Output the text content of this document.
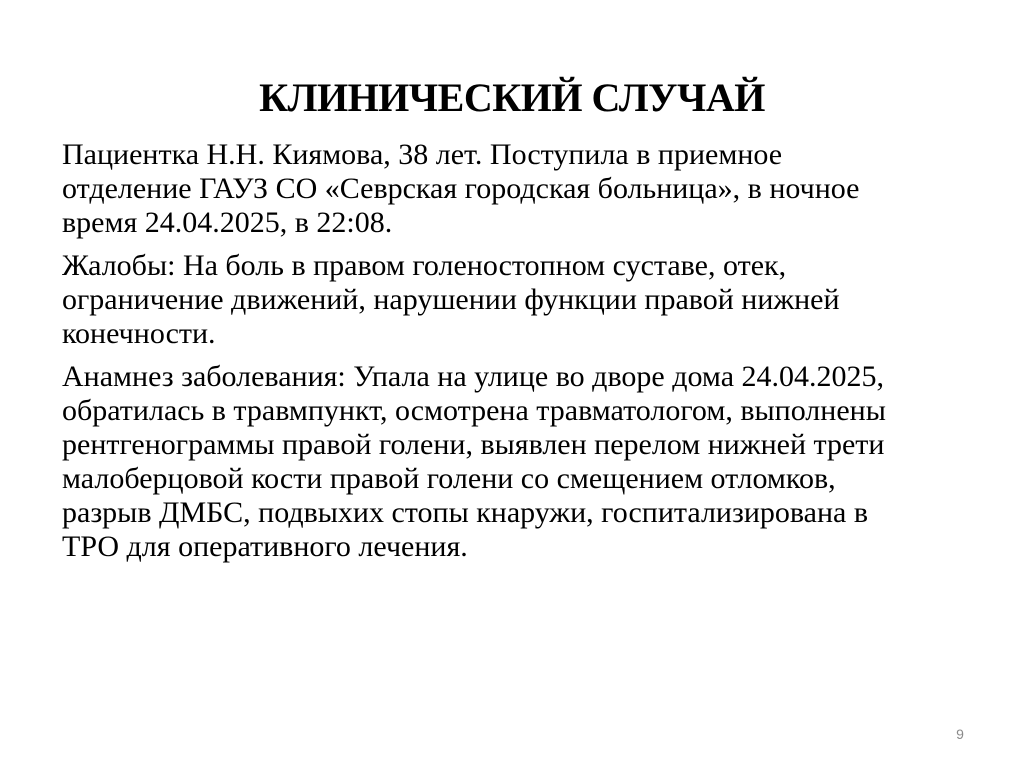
КЛИНИЧЕСКИЙ СЛУЧАЙ

Пациентка Н.Н. Киямова, 38 лет. Поступила в приемное
отделение ГАУЗ СО «Севрская городская больница», в ночное
время 24.04.2025, в 22:08.

Жалобы: На боль в правом голеностопном суставе, отек,
ограничение движений, нарушении функции правой нижней
конечности.

Анамнез заболевания: Упала на улице во дворе дома 24.04.2025,
обратилась в травмпункт, осмотрена травматологом, выполнены
рентгенограммы правой голени, выявлен перелом нижней трети
малоберцовой кости правой голени со смещением отломков,
разрыв ДМБС, подвыхих стопы кнаружи, госпитализирована в
ТРО для оперативного лечения.

9
